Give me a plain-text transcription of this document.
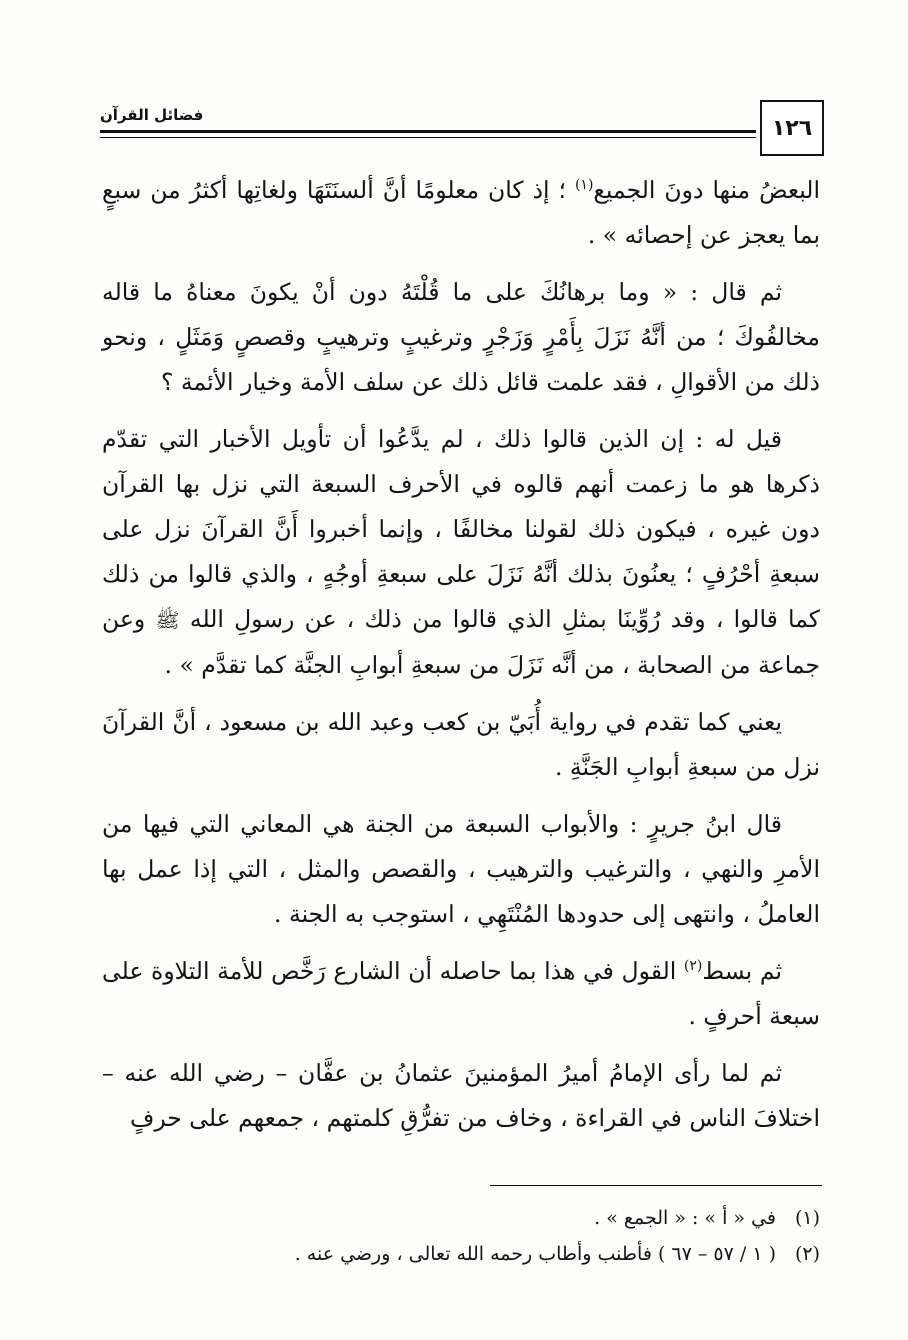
١٢٦
فضائل القرآن

البعضُ منها دونَ الجميع$^{(١)}$ ؛ إذ كان معلومًا أنَّ ألسنَتَهَا ولغاتِها أكثرُ من سبعٍ بما يعجز عن إحصائه » .

ثم قال : « وما برهانُكَ على ما قُلْتَهُ دون أنْ يكونَ معناهُ ما قاله مخالفُوكَ ؛ من أنَّهُ نَزَلَ بِأَمْرٍ وَزَجْرٍ وترغيبٍ وترهيبٍ وقصصٍ وَمَثَلٍ ، ونحو ذلك من الأقوالِ ، فقد علمت قائل ذلك عن سلف الأمة وخيار الأئمة ؟

قيل له : إن الذين قالوا ذلك ، لم يدَّعُوا أن تأويل الأخبار التي تقدّم ذكرها هو ما زعمت أنهم قالوه في الأحرف السبعة التي نزل بها القرآن دون غيره ، فيكون ذلك لقولنا مخالفًا ، وإنما أخبروا أَنَّ القرآنَ نزل على سبعةِ أحْرُفٍ ؛ يعنُونَ بذلك أنَّهُ نَزَلَ على سبعةِ أوجُهٍ ، والذي قالوا من ذلك كما قالوا ، وقد رُوِّينَا بمثلِ الذي قالوا من ذلك ، عن رسولِ الله ﷺ وعن جماعة من الصحابة ، من أنَّه نَزَلَ من سبعةِ أبوابِ الجنَّة كما تقدَّم » .

يعني كما تقدم في رواية أُبَيّ بن كعب وعبد الله بن مسعود ، أنَّ القرآنَ نزل من سبعةِ أبوابِ الجَنَّةِ .

قال ابنُ جريرٍ : والأبواب السبعة من الجنة هي المعاني التي فيها من الأمرِ والنهي ، والترغيب والترهيب ، والقصص والمثل ، التي إذا عمل بها العاملُ ، وانتهى إلى حدودها المُنْتَهِي ، استوجب به الجنة .

ثم بسط$^{(٢)}$ القول في هذا بما حاصله أن الشارع رَخَّص للأمة التلاوة على سبعة أحرفٍ .

ثم لما رأى الإمامُ أميرُ المؤمنينَ عثمانُ بن عفَّان – رضي الله عنه – اختلافَ الناس في القراءة ، وخاف من تفرُّقِ كلمتهم ، جمعهم على حرفٍ

(١)
في « أ » : « الجمع » .
(٢)
( ١ / ٥٧ – ٦٧ ) فأطنب وأطاب رحمه الله تعالى ، ورضي عنه .
